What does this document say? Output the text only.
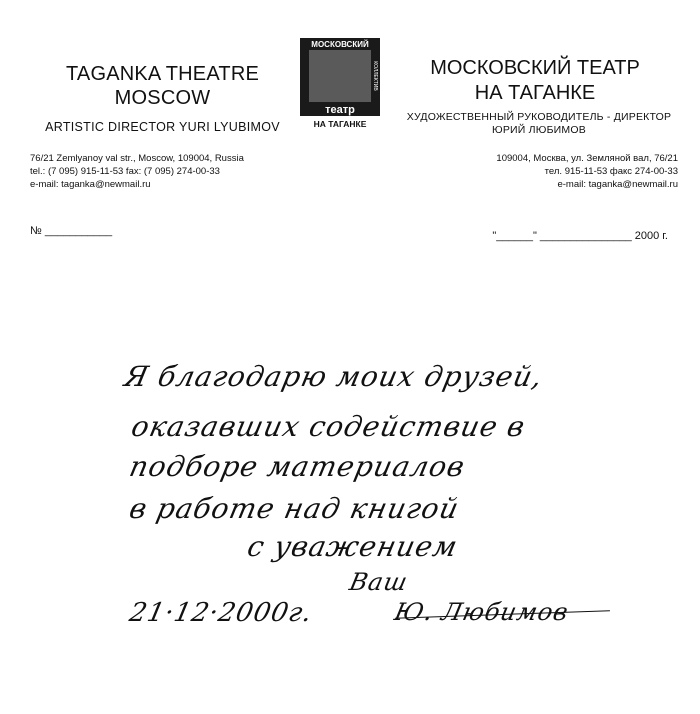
TAGANKA THEATRE
MOSCOW
ARTISTIC DIRECTOR YURI LYUBIMOV
76/21 Zemlyanoy val str., Moscow, 109004, Russia
tel.: (7 095) 915-11-53 fax: (7 095) 274-00-33
e-mail: taganka@newmail.ru
МОСКОВСКИЙ
КОЛЛЕКТИВ
театр
НА ТАГАНКЕ
МОСКОВСКИЙ ТЕАТР
НА ТАГАНКЕ
ХУДОЖЕСТВЕННЫЙ РУКОВОДИТЕЛЬ - ДИРЕКТОР
ЮРИЙ ЛЮБИМОВ
109004, Москва, ул. Земляной вал, 76/21
тел. 915-11-53 факс 274-00-33
e-mail: taganka@newmail.ru
№ ___________	"______" _______________ 2000 г.
Я благодарю моих друзей,
оказавших содействие в
подборе материалов
в работе над книгой
с уважением
Ваш
21·12·2000г.	Ю. Любимов
